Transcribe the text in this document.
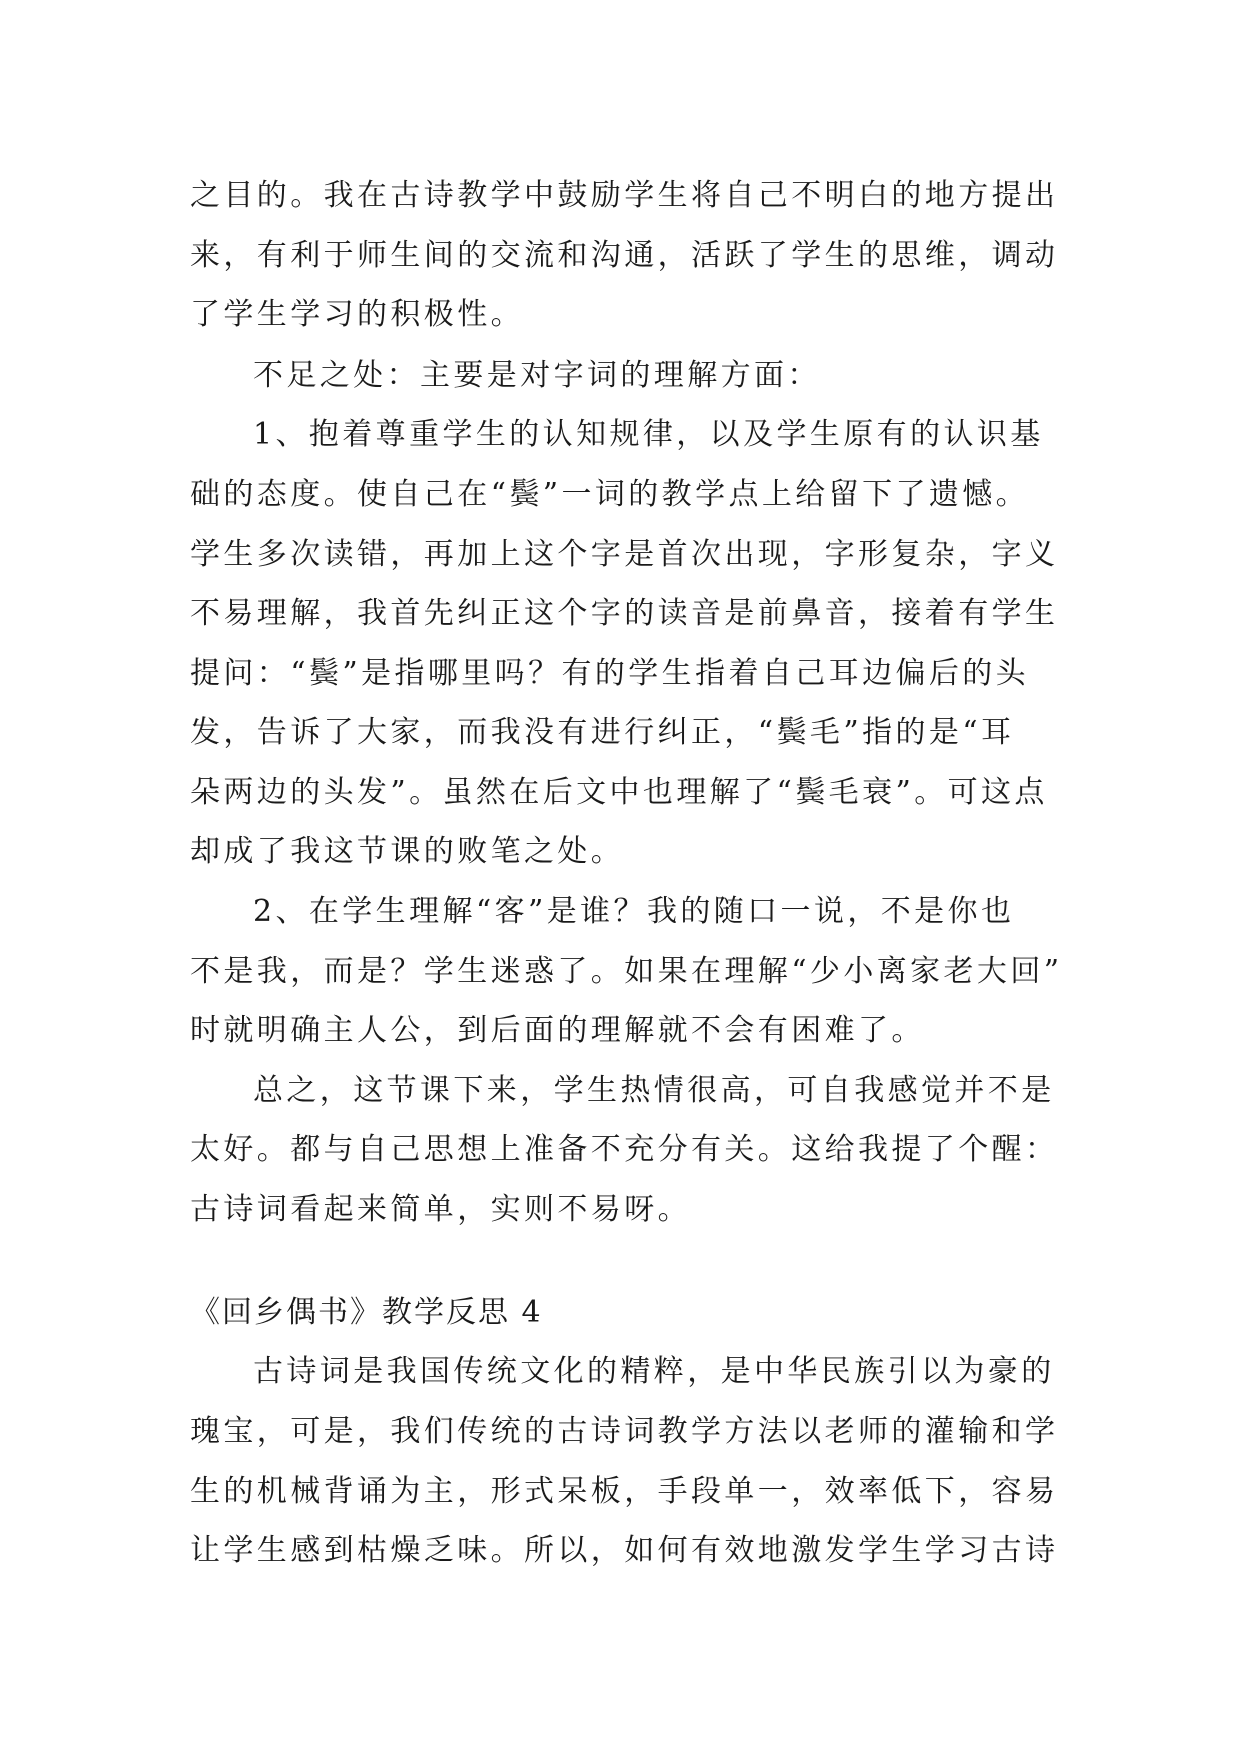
之目的。我在古诗教学中鼓励学生将自己不明白的地方提出
来，有利于师生间的交流和沟通，活跃了学生的思维，调动
了学生学习的积极性。
不足之处：主要是对字词的理解方面：
1、抱着尊重学生的认知规律，以及学生原有的认识基
础的态度。使自己在“鬓”一词的教学点上给留下了遗憾。
学生多次读错，再加上这个字是首次出现，字形复杂，字义
不易理解，我首先纠正这个字的读音是前鼻音，接着有学生
提问：“鬓”是指哪里吗？有的学生指着自己耳边偏后的头
发，告诉了大家，而我没有进行纠正，“鬓毛”指的是“耳
朵两边的头发”。虽然在后文中也理解了“鬓毛衰”。可这点
却成了我这节课的败笔之处。
2、在学生理解“客”是谁？我的随口一说，不是你也
不是我，而是？学生迷惑了。如果在理解“少小离家老大回”
时就明确主人公，到后面的理解就不会有困难了。
总之，这节课下来，学生热情很高，可自我感觉并不是
太好。都与自己思想上准备不充分有关。这给我提了个醒：
古诗词看起来简单，实则不易呀。
《回乡偶书》教学反思 4
古诗词是我国传统文化的精粹，是中华民族引以为豪的
瑰宝，可是，我们传统的古诗词教学方法以老师的灌输和学
生的机械背诵为主，形式呆板，手段单一，效率低下，容易
让学生感到枯燥乏味。所以，如何有效地激发学生学习古诗
